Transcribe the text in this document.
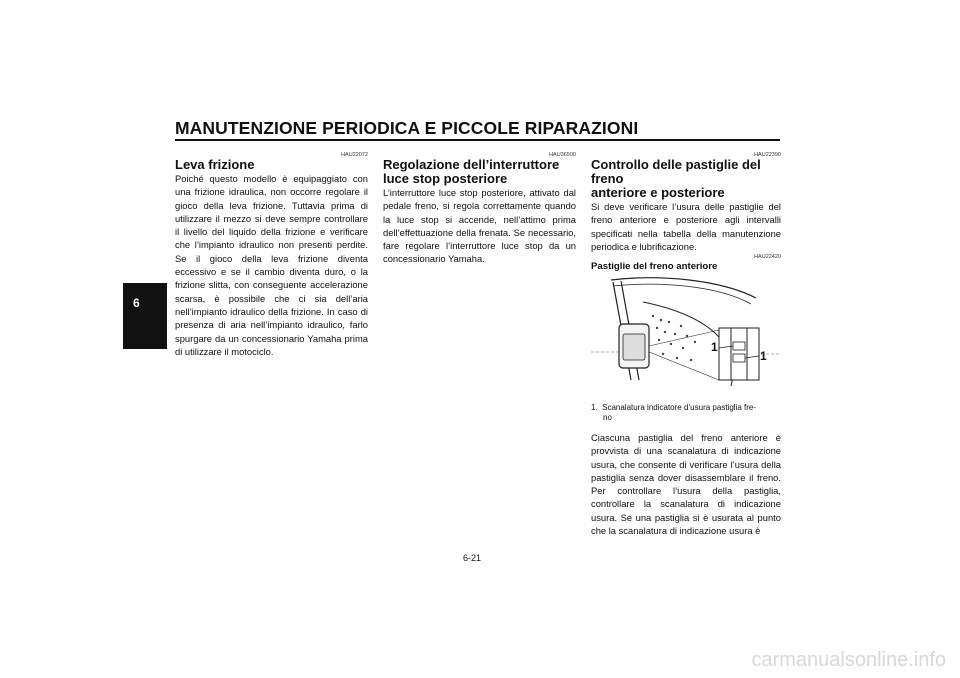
MANUTENZIONE PERIODICA E PICCOLE RIPARAZIONI
6
HAU22072
Leva frizione
Poiché questo modello è equipaggiato con una frizione idraulica, non occorre regolare il gioco della leva frizione. Tuttavia prima di utilizzare il mezzo si deve sempre controllare il livello del liquido della frizione e verificare che l’impianto idraulico non presenti perdite. Se il gioco della leva frizione diventa eccessivo e se il cambio diventa duro, o la frizione slitta, con conseguente accelerazione scarsa, è possibile che ci sia dell’aria nell’impianto idraulico della frizione. In caso di presenza di aria nell’impianto idraulico, farlo spurgare da un concessionario Yamaha prima di utilizzare il motociclo.
HAU36500
Regolazione dell’interruttore
luce stop posteriore
L’interruttore luce stop posteriore, attivato dal pedale freno, si regola correttamente quando la luce stop si accende, nell’attimo prima dell’effettuazione della frenata. Se necessario, fare regolare l’interruttore luce stop da un concessionario Yamaha.
HAU22390
Controllo delle pastiglie del freno
anteriore e posteriore
Si deve verificare l’usura delle pastiglie del freno anteriore e posteriore agli intervalli specificati nella tabella della manutenzione periodica e lubrificazione.
HAU22420
Pastiglie del freno anteriore
1
1
1. Scanalatura indicatore d’usura pastiglia fre-
no
Ciascuna pastiglia del freno anteriore è provvista di una scanalatura di indicazione usura, che consente di verificare l’usura della pastiglia senza dover disassemblare il freno. Per controllare l’usura della pastiglia, controllare la scanalatura di indicazione usura. Se una pastiglia si è usurata al punto che la scanalatura di indicazione usura è
6-21
carmanualsonline.info
